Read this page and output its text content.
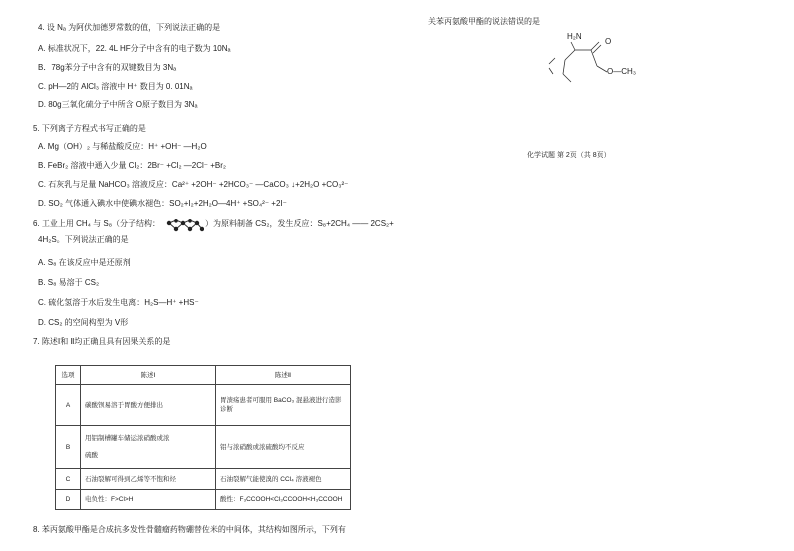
4. 设 Nₐ 为阿伏加德罗常数的值，下列说法正确的是
A. 标准状况下，22. 4L HF分子中含有的电子数为 10Nₐ
B．78g苯分子中含有的双键数目为 3Nₐ
C. pH—2的 AlCl₃ 溶液中 H⁺ 数目为 0. 01Nₐ
D. 80g三氧化硫分子中所含 O原子数目为 3Nₐ
5. 下列离子方程式书写正确的是
A. Mg（OH）₂ 与稀盐酸反应：H⁺ +OH⁻ —H₂O
B. FeBr₂ 溶液中通入少量 Cl₂：2Br⁻ +Cl₂ —2Cl⁻ +Br₂
C. 石灰乳与足量 NaHCO₃ 溶液反应：Ca²⁺ +2OH⁻ +2HCO₃⁻ —CaCO₃ ↓+2H₂O +CO₃²⁻
D. SO₂ 气体通入碘水中使碘水褪色：SO₂+I₂+2H₂O—4H⁺ +SO₄²⁻ +2I⁻
6. 工业上用 CH₄ 与 S₈（分子结构：	）为原料制备 CS₂，发生反应：S₈+2CH₄ —— 2CS₂+
4H₂S。下列说法正确的是
A. S₈ 在该反应中是还原剂
B. S₈ 易溶于 CS₂
C. 硫化氢溶于水后发生电离：H₂S—H⁺ +HS⁻
D. CS₂ 的空间构型为 V形
7. 陈述Ⅰ和 Ⅱ均正确且具有因果关系的是
选项	陈述Ⅰ	陈述Ⅱ
A	碳酸钡易溶于胃酸方便排出	胃溃疡患者可服用 BaCO₃ 混悬液进行造影
诊断

B	用铝制槽罐车储运浓硝酸或浓
硫酸	铝与浓硝酸或浓硫酸均不反应

C	石油裂解可得到乙烯等不饱和烃	石油裂解气能使溴的 CCl₄ 溶液褪色

D	电负性：F>Cl>H	酸性：F₃CCOOH<Cl₃CCOOH<H₃CCOOH
8. 苯丙氨酸甲酯是合成抗多发性骨髓瘤药物硼替佐米的中间体，其结构如图所示，下列有
关苯丙氨酸甲酯的说法错误的是
H₂N
O
O—CH₃
化学试题 第 2页（共 8页）
